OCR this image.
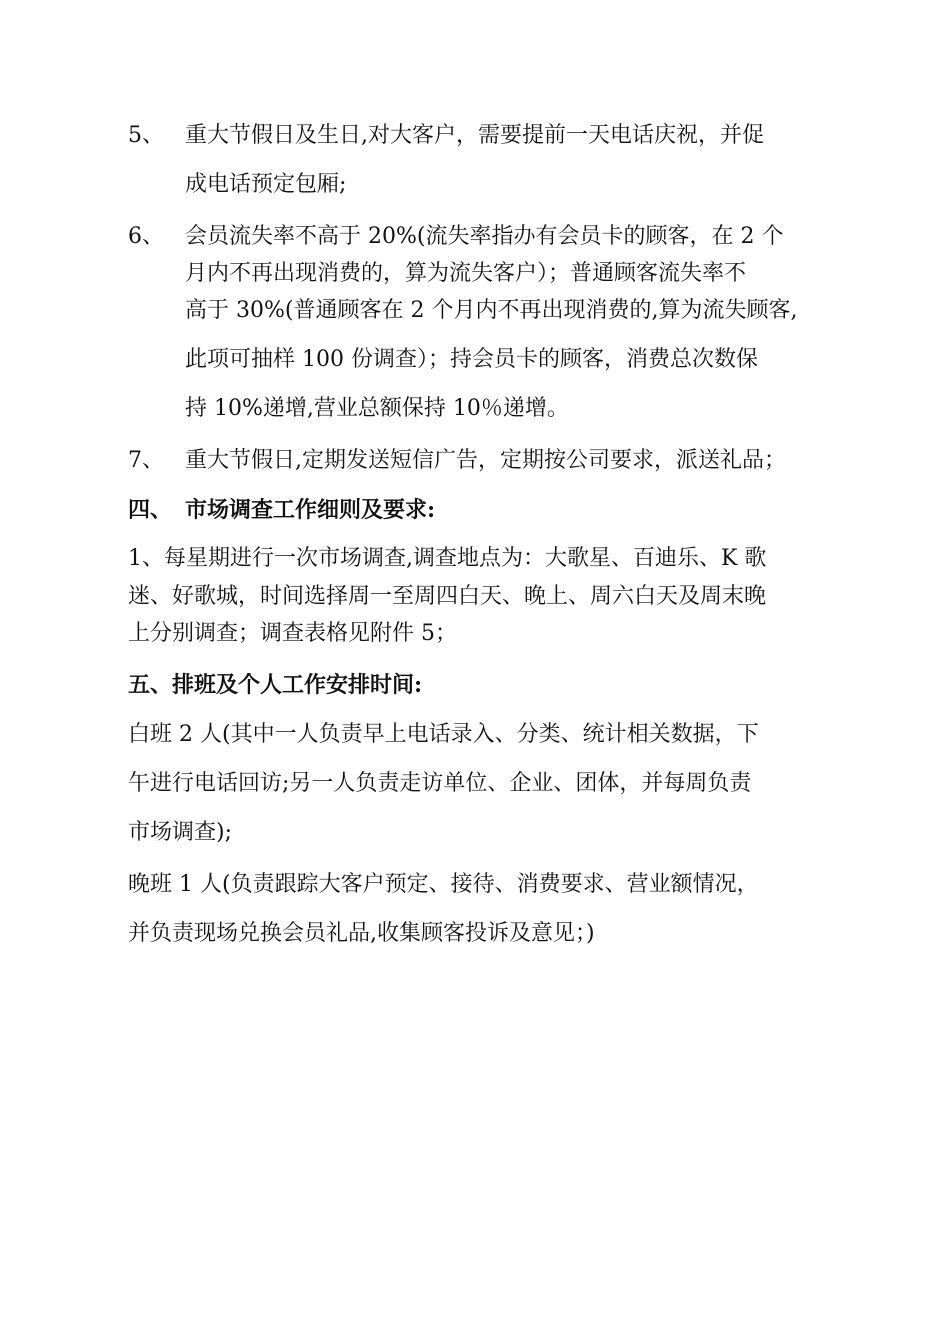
5、 重大节假日及生日,对大客户，需要提前一天电话庆祝，并促
成电话预定包厢;
6、 会员流失率不高于 20%(流失率指办有会员卡的顾客，在 2 个
月内不再出现消费的，算为流失客户）；普通顾客流失率不
高于 30%(普通顾客在 2 个月内不再出现消费的,算为流失顾客,
此项可抽样 100 份调查）；持会员卡的顾客，消费总次数保
持 10%递增,营业总额保持 10％递增。
7、 重大节假日,定期发送短信广告，定期按公司要求，派送礼品；
四、 市场调查工作细则及要求:
1、每星期进行一次市场调查,调查地点为：大歌星、百迪乐、K 歌
迷、好歌城，时间选择周一至周四白天、晚上、周六白天及周末晚
上分别调查；调查表格见附件 5；
五、排班及个人工作安排时间:
白班 2 人(其中一人负责早上电话录入、分类、统计相关数据，下
午进行电话回访;另一人负责走访单位、企业、团体，并每周负责
市场调查);
晚班 1 人(负责跟踪大客户预定、接待、消费要求、营业额情况，
并负责现场兑换会员礼品,收集顾客投诉及意见；)
